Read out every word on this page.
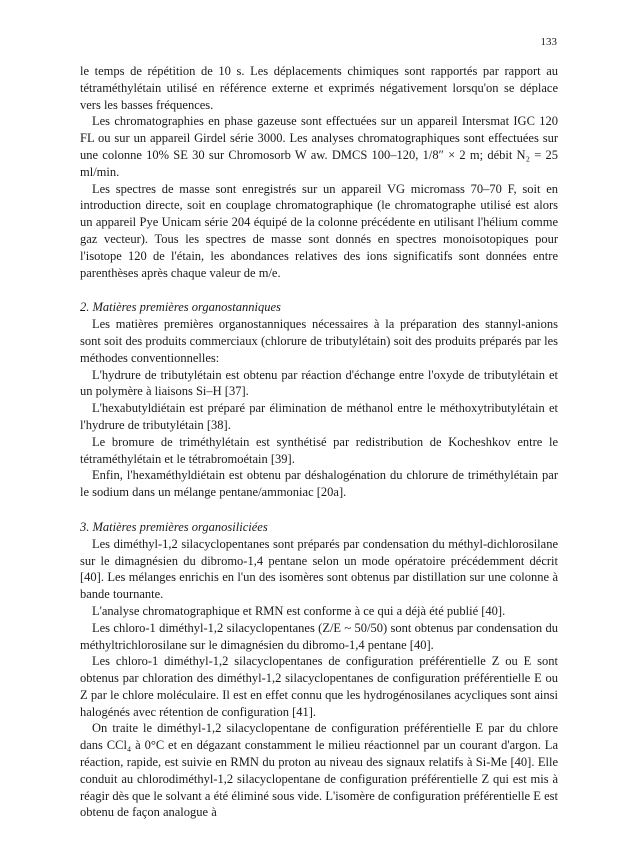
133

le temps de répétition de 10 s. Les déplacements chimiques sont rapportés par rapport au tétraméthylétain utilisé en référence externe et exprimés négativement lorsqu'on se déplace vers les basses fréquences.

Les chromatographies en phase gazeuse sont effectuées sur un appareil Intersmat IGC 120 FL ou sur un appareil Girdel série 3000. Les analyses chromatographiques sont effectuées sur une colonne 10% SE 30 sur Chromosorb W aw. DMCS 100–120, 1/8″ × 2 m; débit N₂ = 25 ml/min.

Les spectres de masse sont enregistrés sur un appareil VG micromass 70–70 F, soit en introduction directe, soit en couplage chromatographique (le chromatographe utilisé est alors un appareil Pye Unicam série 204 équipé de la colonne précédente en utilisant l'hélium comme gaz vecteur). Tous les spectres de masse sont donnés en spectres monoisotopiques pour l'isotope 120 de l'étain, les abondances relatives des ions significatifs sont données entre parenthèses après chaque valeur de m/e.

2. Matières premières organostanniques

Les matières premières organostanniques nécessaires à la préparation des stannyl-anions sont soit des produits commerciaux (chlorure de tributylétain) soit des produits préparés par les méthodes conventionnelles:

L'hydrure de tributylétain est obtenu par réaction d'échange entre l'oxyde de tributylétain et un polymère à liaisons Si–H [37].

L'hexabutyldiétain est préparé par élimination de méthanol entre le méthoxytributylétain et l'hydrure de tributylétain [38].

Le bromure de triméthylétain est synthétisé par redistribution de Kocheshkov entre le tétraméthylétain et le tétrabromoétain [39].

Enfin, l'hexaméthyldiétain est obtenu par déshalogénation du chlorure de triméthylétain par le sodium dans un mélange pentane/ammoniac [20a].

3. Matières premières organosiliciées

Les diméthyl-1,2 silacyclopentanes sont préparés par condensation du méthyl-dichlorosilane sur le dimagnésien du dibromo-1,4 pentane selon un mode opératoire précédemment décrit [40]. Les mélanges enrichis en l'un des isomères sont obtenus par distillation sur une colonne à bande tournante.

L'analyse chromatographique et RMN est conforme à ce qui a déjà été publié [40].

Les chloro-1 diméthyl-1,2 silacyclopentanes (Z/E ~ 50/50) sont obtenus par condensation du méthyltrichlorosilane sur le dimagnésien du dibromo-1,4 pentane [40].

Les chloro-1 diméthyl-1,2 silacyclopentanes de configuration préférentielle Z ou E sont obtenus par chloration des diméthyl-1,2 silacyclopentanes de configuration préférentielle E ou Z par le chlore moléculaire. Il est en effet connu que les hydrogénosilanes acycliques sont ainsi halogénés avec rétention de configuration [41].

On traite le diméthyl-1,2 silacyclopentane de configuration préférentielle E par du chlore dans CCl₄ à 0°C et en dégazant constamment le milieu réactionnel par un courant d'argon. La réaction, rapide, est suivie en RMN du proton au niveau des signaux relatifs à Si-Me [40]. Elle conduit au chlorodiméthyl-1,2 silacyclopentane de configuration préférentielle Z qui est mis à réagir dès que le solvant a été éliminé sous vide. L'isomère de configuration préférentielle E est obtenu de façon analogue à
